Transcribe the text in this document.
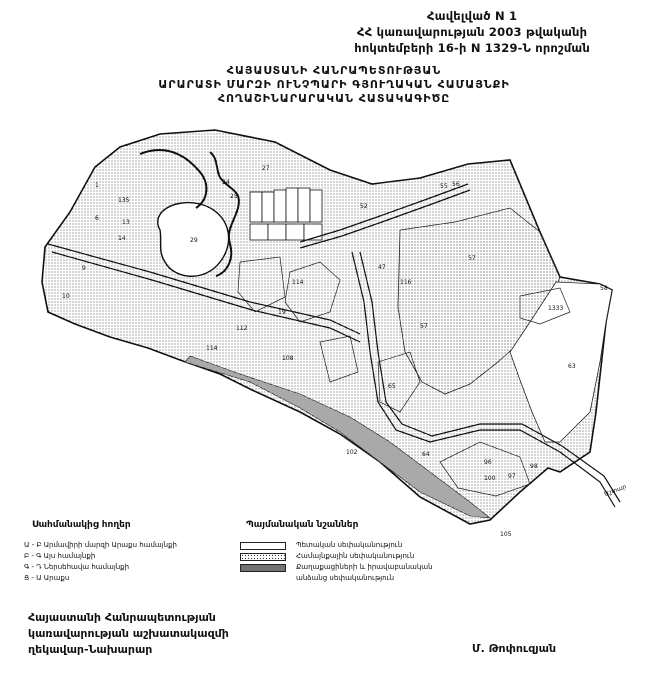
Հավելված N 1
ՀՀ կառավարության 2003 թվականի
հոկտեմբերի 16-ի N 1329-Ն որոշման
ՀԱՅԱՍՏԱՆԻ ՀԱՆՐԱՊԵՏՈՒԹՅԱՆ
ԱՐԱՐԱՏԻ ՄԱՐԶԻ ՈՒՆՉՊԱՐԻ ԳՅՈՒՂԱԿԱՆ ՀԱՄԱՅՆՔԻ
ՀՈՂԱՇԻՆԱՐԱՐԱԿԱՆ ՀԱՏԱԿԱԳԻԾԸ
1
6
135
13
14	29
27
24
25
55 56
52
57
47
116
9
10
114
19
112
114
108
57
1333
58
63
65
102	64
96
100 97
98
105
Աշտար
Սահմանակից հողեր
Ա - Բ Արմավիրի մարզի Արաքս համայնքի
Բ - Գ Այս համայնքի
Գ - Դ Ներսեհավա համայնքի
Ց - Ա Արաքս
Պայմանական նշաններ
Պետական սեփականություն
Համայնքային սեփականություն
Քաղաքացիների և իրավաբանական
անձանց սեփականություն
Հայաստանի Հանրապետության
կառավարության աշխատակազմի
ղեկավար-Նախարար	Մ. Թոփուզյան
